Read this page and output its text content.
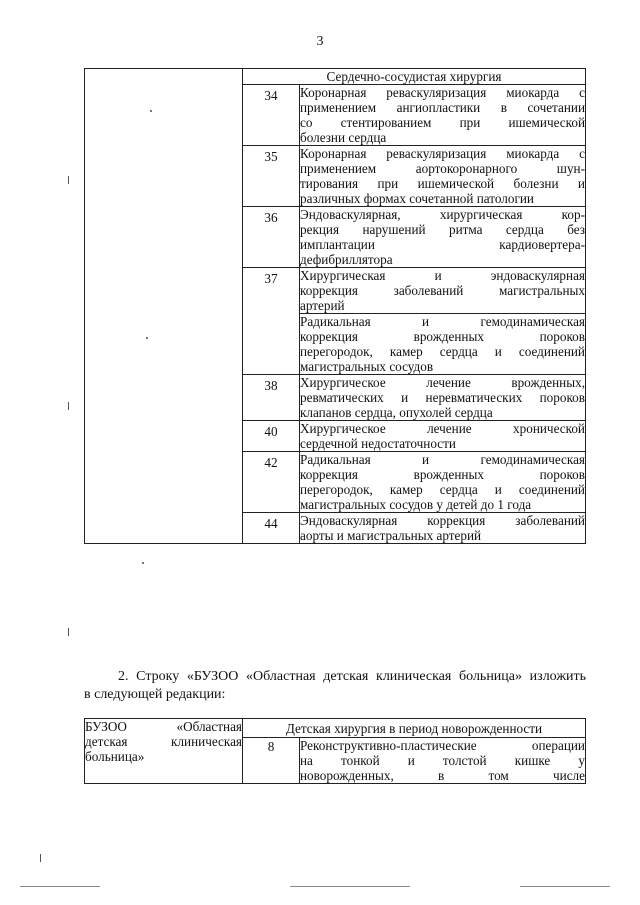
3
	Сердечно-сосудистая хирургия	
	34	Коронарная реваскуляризация миокарда с
применением ангиопластики в сочетании
со стентированием при ишемической
болезни сердца

	35	Коронарная реваскуляризация миокарда с
применением аортокоронарного шун-
тирования при ишемической болезни и
различных формах сочетанной патологии

	36	Эндоваскулярная, хирургическая кор-
рекция нарушений ритма сердца без
имплантации кардиовертера-
дефибриллятора

	37	Хирургическая и эндоваскулярная
коррекция заболеваний магистральных
артерий

		Радикальная и гемодинамическая
коррекция врожденных пороков
перегородок, камер сердца и соединений
магистральных сосудов

	38	Хирургическое лечение врожденных,
ревматических и неревматических пороков
клапанов сердца, опухолей сердца

	40	Хирургическое лечение хронической
сердечной недостаточности

	42	Радикальная и гемодинамическая
коррекция врожденных пороков
перегородок, камер сердца и соединений
магистральных сосудов у детей до 1 года

	44	Эндоваскулярная коррекция заболеваний
аорты и магистральных артерий
2. Строку «БУЗОО «Областная детская клиническая больница» изложить
в следующей редакции:
БУЗОО «Областная
детская клиническая
больница»	Детская хирургия в период новорожденности	
	8	Реконструктивно-пластические операции
на тонкой и толстой кишке у
новорожденных, в том числе
